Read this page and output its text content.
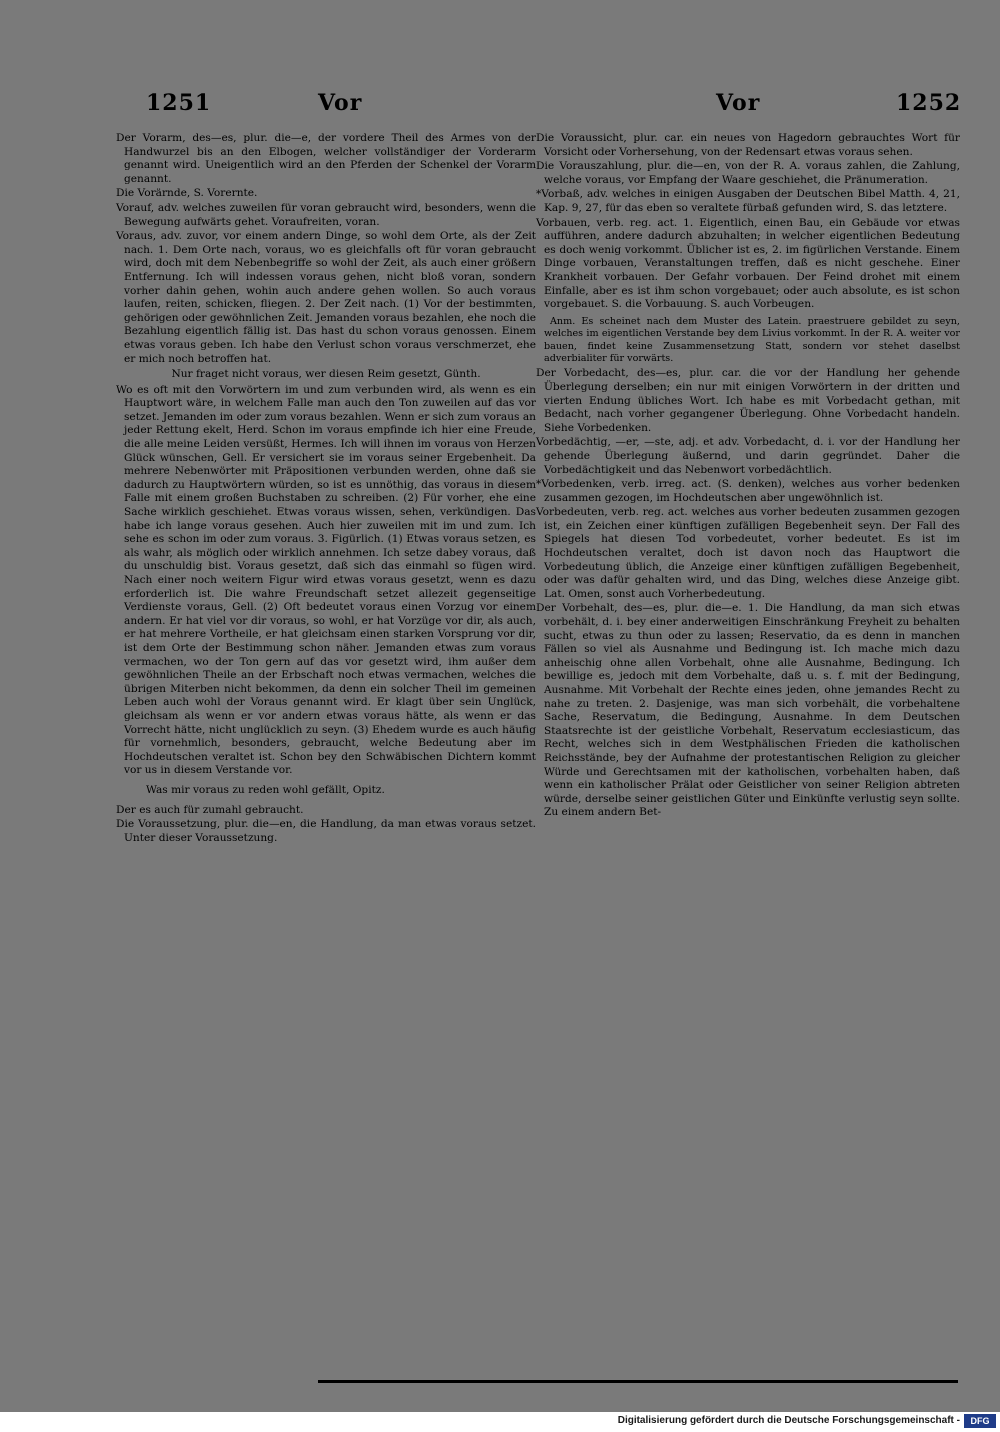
1251	Vor	Vor	1252

Der Vorarm, des—es, plur. die—e, der vordere Theil des Armes von der Handwurzel bis an den Elbogen, welcher vollständiger der Vorderarm genannt wird. Uneigentlich wird an den Pferden der Schenkel der Vorarm genannt.

Die Vorärnde, S. Vorernte.

Vorauf, adv. welches zuweilen für voran gebraucht wird, besonders, wenn die Bewegung aufwärts gehet. Voraufreiten, voran.

Voraus, adv. zuvor, vor einem andern Dinge, so wohl dem Orte, als der Zeit nach. 1. Dem Orte nach, voraus, wo es gleichfalls oft für voran gebraucht wird, doch mit dem Nebenbegriffe so wohl der Zeit, als auch einer größern Entfernung. Ich will indessen voraus gehen, nicht bloß voran, sondern vorher dahin gehen, wohin auch andere gehen wollen. So auch voraus laufen, reiten, schicken, fliegen. 2. Der Zeit nach. (1) Vor der bestimmten, gehörigen oder gewöhnlichen Zeit. Jemanden voraus bezahlen, ehe noch die Bezahlung eigentlich fällig ist. Das hast du schon voraus genossen. Einem etwas voraus geben. Ich habe den Verlust schon voraus verschmerzet, ehe er mich noch betroffen hat.

Nur fraget nicht voraus, wer diesen Reim gesetzt, Günth.

Wo es oft mit den Vorwörtern im und zum verbunden wird, als wenn es ein Hauptwort wäre, in welchem Falle man auch den Ton zuweilen auf das vor setzet. Jemanden im oder zum voraus bezahlen. Wenn er sich zum voraus an jeder Rettung ekelt, Herd. Schon im voraus empfinde ich hier eine Freude, die alle meine Leiden versüßt, Hermes. Ich will ihnen im voraus von Herzen Glück wünschen, Gell. Er versichert sie im voraus seiner Ergebenheit. Da mehrere Nebenwörter mit Präpositionen verbunden werden, ohne daß sie dadurch zu Hauptwörtern würden, so ist es unnöthig, das voraus in diesem Falle mit einem großen Buchstaben zu schreiben. (2) Für vorher, ehe eine Sache wirklich geschiehet. Etwas voraus wissen, sehen, verkündigen. Das habe ich lange voraus gesehen. Auch hier zuweilen mit im und zum. Ich sehe es schon im oder zum voraus. 3. Figürlich. (1) Etwas voraus setzen, es als wahr, als möglich oder wirklich annehmen. Ich setze dabey voraus, daß du unschuldig bist. Voraus gesetzt, daß sich das einmahl so fügen wird. Nach einer noch weitern Figur wird etwas voraus gesetzt, wenn es dazu erforderlich ist. Die wahre Freundschaft setzet allezeit gegenseitige Verdienste voraus, Gell. (2) Oft bedeutet voraus einen Vorzug vor einem andern. Er hat viel vor dir voraus, so wohl, er hat Vorzüge vor dir, als auch, er hat mehrere Vortheile, er hat gleichsam einen starken Vorsprung vor dir, ist dem Orte der Bestimmung schon näher. Jemanden etwas zum voraus vermachen, wo der Ton gern auf das vor gesetzt wird, ihm außer dem gewöhnlichen Theile an der Erbschaft noch etwas vermachen, welches die übrigen Miterben nicht bekommen, da denn ein solcher Theil im gemeinen Leben auch wohl der Voraus genannt wird. Er klagt über sein Unglück, gleichsam als wenn er vor andern etwas voraus hätte, als wenn er das Vorrecht hätte, nicht unglücklich zu seyn. (3) Ehedem wurde es auch häufig für vornehmlich, besonders, gebraucht, welche Bedeutung aber im Hochdeutschen veraltet ist. Schon bey den Schwäbischen Dichtern kommt vor us in diesem Verstande vor.

Was mir voraus zu reden wohl gefällt, Opitz.

Der es auch für zumahl gebraucht.

Die Voraussetzung, plur. die—en, die Handlung, da man etwas voraus setzet. Unter dieser Voraussetzung.

Die Voraussicht, plur. car. ein neues von Hagedorn gebrauchtes Wort für Vorsicht oder Vorhersehung, von der Redensart etwas voraus sehen.

Die Vorauszahlung, plur. die—en, von der R. A. voraus zahlen, die Zahlung, welche voraus, vor Empfang der Waare geschiehet, die Pränumeration.

*Vorbaß, adv. welches in einigen Ausgaben der Deutschen Bibel Matth. 4, 21, Kap. 9, 27, für das eben so veraltete fürbaß gefunden wird, S. das letztere.

Vorbauen, verb. reg. act. 1. Eigentlich, einen Bau, ein Gebäude vor etwas aufführen, andere dadurch abzuhalten; in welcher eigentlichen Bedeutung es doch wenig vorkommt. Üblicher ist es, 2. im figürlichen Verstande. Einem Dinge vorbauen, Veranstaltungen treffen, daß es nicht geschehe. Einer Krankheit vorbauen. Der Gefahr vorbauen. Der Feind drohet mit einem Einfalle, aber es ist ihm schon vorgebauet; oder auch absolute, es ist schon vorgebauet. S. die Vorbauung. S. auch Vorbeugen.

Anm. Es scheinet nach dem Muster des Latein. praestruere gebildet zu seyn, welches im eigentlichen Verstande bey dem Livius vorkommt. In der R. A. weiter vor bauen, findet keine Zusammensetzung Statt, sondern vor stehet daselbst adverbialiter für vorwärts.

Der Vorbedacht, des—es, plur. car. die vor der Handlung her gehende Überlegung derselben; ein nur mit einigen Vorwörtern in der dritten und vierten Endung übliches Wort. Ich habe es mit Vorbedacht gethan, mit Bedacht, nach vorher gegangener Überlegung. Ohne Vorbedacht handeln. Siehe Vorbedenken.

Vorbedächtig, —er, —ste, adj. et adv. Vorbedacht, d. i. vor der Handlung her gehende Überlegung äußernd, und darin gegründet. Daher die Vorbedächtigkeit und das Nebenwort vorbedächtlich.

*Vorbedenken, verb. irreg. act. (S. denken), welches aus vorher bedenken zusammen gezogen, im Hochdeutschen aber ungewöhnlich ist.

Vorbedeuten, verb. reg. act. welches aus vorher bedeuten zusammen gezogen ist, ein Zeichen einer künftigen zufälligen Begebenheit seyn. Der Fall des Spiegels hat diesen Tod vorbedeutet, vorher bedeutet. Es ist im Hochdeutschen veraltet, doch ist davon noch das Hauptwort die Vorbedeutung üblich, die Anzeige einer künftigen zufälligen Begebenheit, oder was dafür gehalten wird, und das Ding, welches diese Anzeige gibt. Lat. Omen, sonst auch Vorherbedeutung.

Der Vorbehalt, des—es, plur. die—e. 1. Die Handlung, da man sich etwas vorbehält, d. i. bey einer anderweitigen Einschränkung Freyheit zu behalten sucht, etwas zu thun oder zu lassen; Reservatio, da es denn in manchen Fällen so viel als Ausnahme und Bedingung ist. Ich mache mich dazu anheischig ohne allen Vorbehalt, ohne alle Ausnahme, Bedingung. Ich bewillige es, jedoch mit dem Vorbehalte, daß u. s. f. mit der Bedingung, Ausnahme. Mit Vorbehalt der Rechte eines jeden, ohne jemandes Recht zu nahe zu treten. 2. Dasjenige, was man sich vorbehält, die vorbehaltene Sache, Reservatum, die Bedingung, Ausnahme. In dem Deutschen Staatsrechte ist der geistliche Vorbehalt, Reservatum ecclesiasticum, das Recht, welches sich in dem Westphälischen Frieden die katholischen Reichsstände, bey der Aufnahme der protestantischen Religion zu gleicher Würde und Gerechtsamen mit der katholischen, vorbehalten haben, daß wenn ein katholischer Prälat oder Geistlicher von seiner Religion abtreten würde, derselbe seiner geistlichen Güter und Einkünfte verlustig seyn sollte. Zu einem andern Bet-

Digitalisierung gefördert durch die Deutsche Forschungsgemeinschaft -	DFG
